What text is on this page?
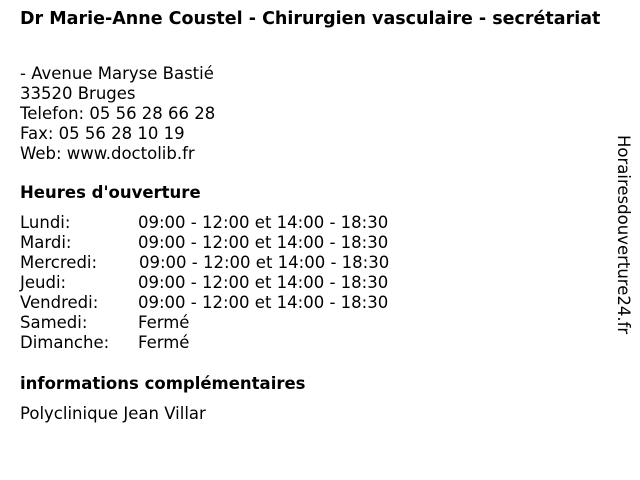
Dr Marie-Anne Coustel - Chirurgien vasculaire - secrétariat
- Avenue Maryse Bastié
33520 Bruges
Telefon: 05 56 28 66 28
Fax: 05 56 28 10 19
Web: www.doctolib.fr
Heures d'ouverture
Lundi:	09:00 - 12:00 et 14:00 - 18:30
Mardi:	09:00 - 12:00 et 14:00 - 18:30
Mercredi:	09:00 - 12:00 et 14:00 - 18:30
Jeudi:	09:00 - 12:00 et 14:00 - 18:30
Vendredi: 09:00 - 12:00 et 14:00 - 18:30
Samedi:	Fermé
Dimanche: Fermé
informations complémentaires
Polyclinique Jean Villar
Horairesdouverture24.fr
